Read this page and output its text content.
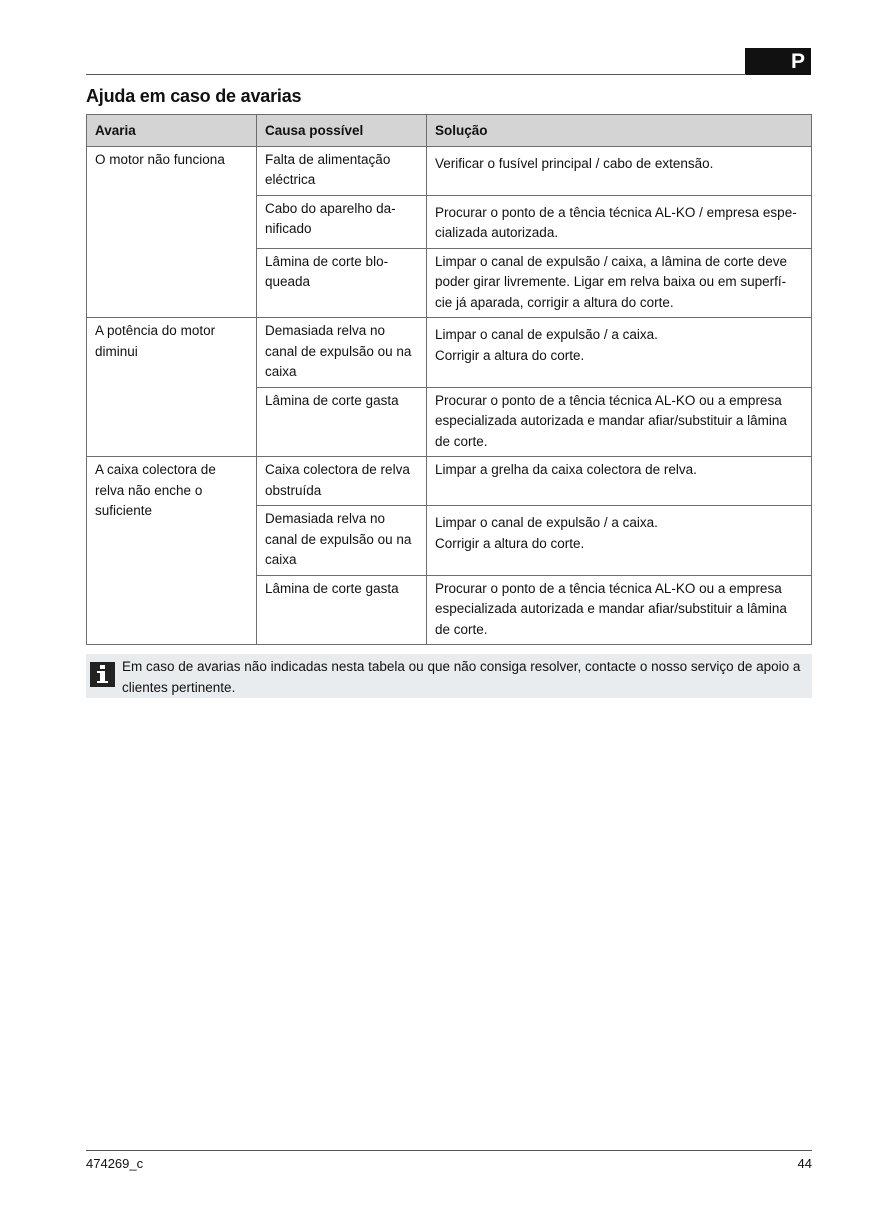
P
Ajuda em caso de avarias
Avaria	Causa possível	Solução
O motor não funciona	Falta de alimentação eléctrica	Verificar o fusível principal / cabo de extensão.
	Cabo do aparelho da-nificado	Procurar o ponto de a tência técnica AL-KO / empresa espe-cializada autorizada.
	Lâmina de corte blo-queada	Limpar o canal de expulsão / caixa, a lâmina de corte deve poder girar livremente. Ligar em relva baixa ou em superfí-cie já aparada, corrigir a altura do corte.
A potência do motor diminui	Demasiada relva no canal de expulsão ou na caixa	Limpar o canal de expulsão / a caixa.
Corrigir a altura do corte.

	Lâmina de corte gasta	Procurar o ponto de a tência técnica AL-KO ou a empresa especializada autorizada e mandar afiar/substituir a lâmina de corte.
A caixa colectora de relva não enche o suficiente	Caixa colectora de relva obstruída	Limpar a grelha da caixa colectora de relva.
	Demasiada relva no canal de expulsão ou na caixa	Limpar o canal de expulsão / a caixa.
Corrigir a altura do corte.

	Lâmina de corte gasta	Procurar o ponto de a tência técnica AL-KO ou a empresa especializada autorizada e mandar afiar/substituir a lâmina de corte.
Em caso de avarias não indicadas nesta tabela ou que não consiga resolver, contacte o nosso serviço de apoio a clientes pertinente.
474269_c	44
